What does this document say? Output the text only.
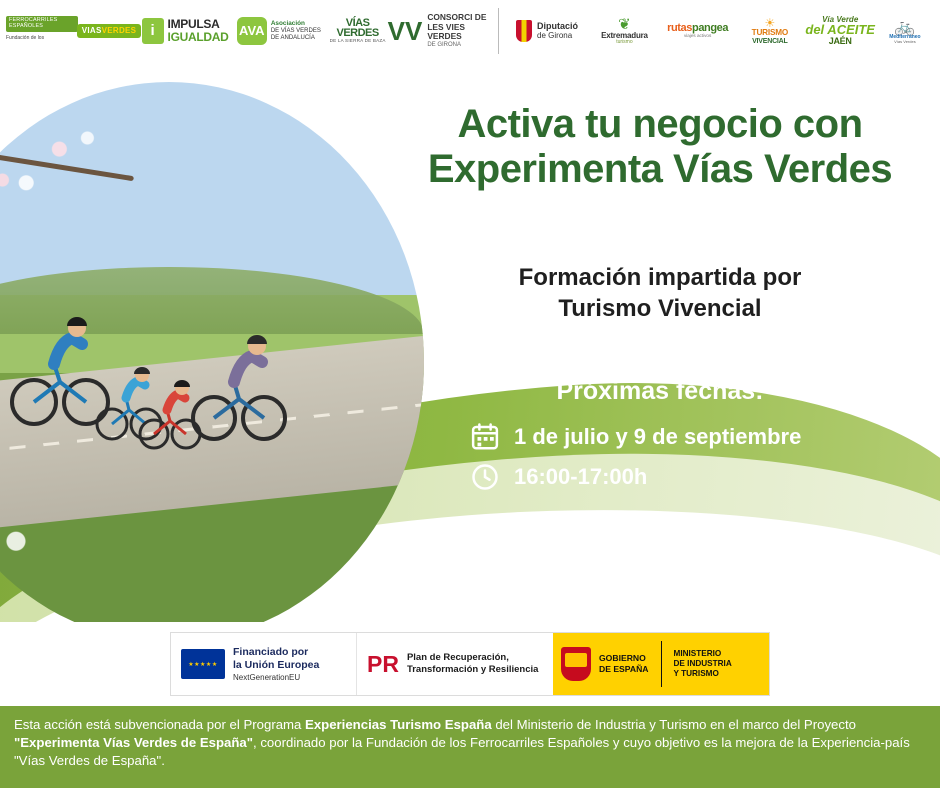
FERROCARRILES ESPAÑOLES
Fundación de los
VIASVERDES i	IMPULSA
IGUALDAD AVA Asociación
DE VÍAS VERDES
DE ANDALUCÍA
VÍAS
VERDES
DE LA SIERRA DE BAZA VV CONSORCI DE
LES VIES VERDES
DE GIRONA
Diputació
de Girona
❦
Extremadura
turismo
rutaspangea
viajes activos
☀
TURISMO
VIVENCIAL
Vía Verde
del ACEITE
JAÉN
🚲
Mediterráneo
Vías Verdes
Activa tu negocio con
Experimenta Vías Verdes
Formación impartida por
Turismo Vivencial
Próximas fechas:
1 de julio y 9 de septiembre
16:00-17:00h
★★★★★
Financiado por
la Unión Europea
NextGenerationEU
PR Plan de Recuperación,
Transformación y Resiliencia
GOBIERNO
DE ESPAÑA
MINISTERIO
DE INDUSTRIA
Y TURISMO
Esta acción está subvencionada por el Programa Experiencias Turismo España del Ministerio de Industria y Turismo en el marco del Proyecto "Experimenta Vías Verdes de España", coordinado por la Fundación de los Ferrocarriles Españoles y cuyo objetivo es la mejora de la Experiencia-país "Vías Verdes de España".
